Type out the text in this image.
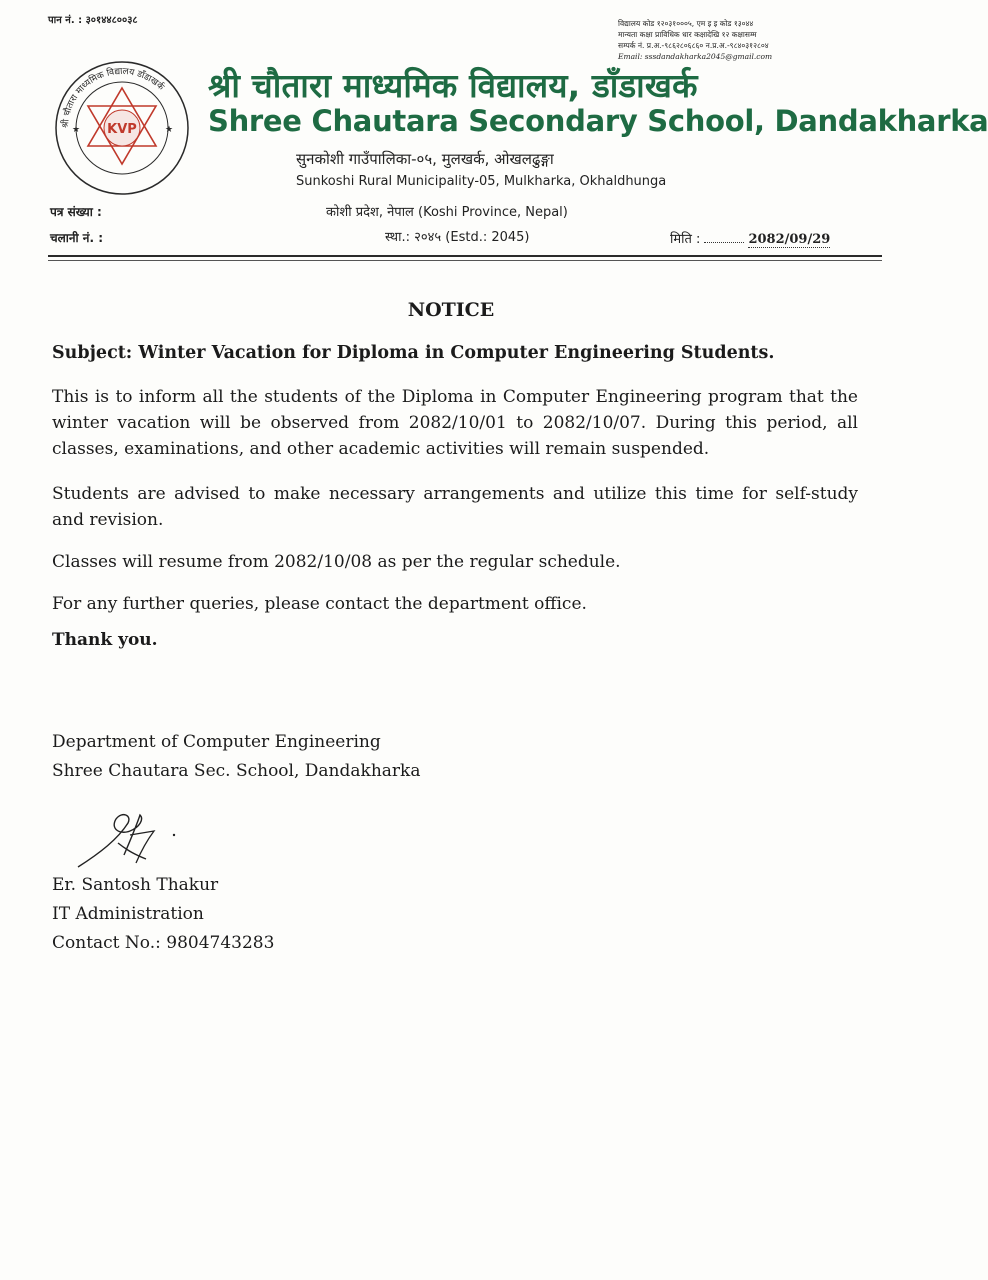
पान नं. : ३०१४४८००३८	विद्यालय कोड १२०३१०००५, एम इ इ कोड १३०४४
मान्यता कक्षा प्राविधिक धार कक्षादेखि १२ कक्षासम्म
सम्पर्क नं. प्र.अ.-९८६२८०६८६० न.प्र.अ.-९८४०३१२८०४
Email: sssdandakharka2045@gmail.com
श्री चौतारा माध्यमिक विद्यालय डाँडाखर्क
KVP
★	★
श्री चौतारा माध्यमिक विद्यालय, डाँडाखर्क
Shree Chautara Secondary School, Dandakharka
सुनकोशी गाउँपालिका-०५, मुलखर्क, ओखलढुङ्गा
Sunkoshi Rural Municipality-05, Mulkharka, Okhaldhunga
कोशी प्रदेश, नेपाल (Koshi Province, Nepal)
स्था.: २०४५ (Estd.: 2045)
पत्र संख्या :
चलानी नं. :	मिति :	2082/09/29
NOTICE
Subject: Winter Vacation for Diploma in Computer Engineering Students.
This is to inform all the students of the Diploma in Computer Engineering program that the winter vacation will be observed from 2082/10/01 to 2082/10/07. During this period, all classes, examinations, and other academic activities will remain suspended.
Students are advised to make necessary arrangements and utilize this time for self-study and revision.
Classes will resume from 2082/10/08 as per the regular schedule.
For any further queries, please contact the department office.
Thank you.
Department of Computer Engineering
Shree Chautara Sec. School, Dandakharka
Er. Santosh Thakur
IT Administration
Contact No.: 9804743283
